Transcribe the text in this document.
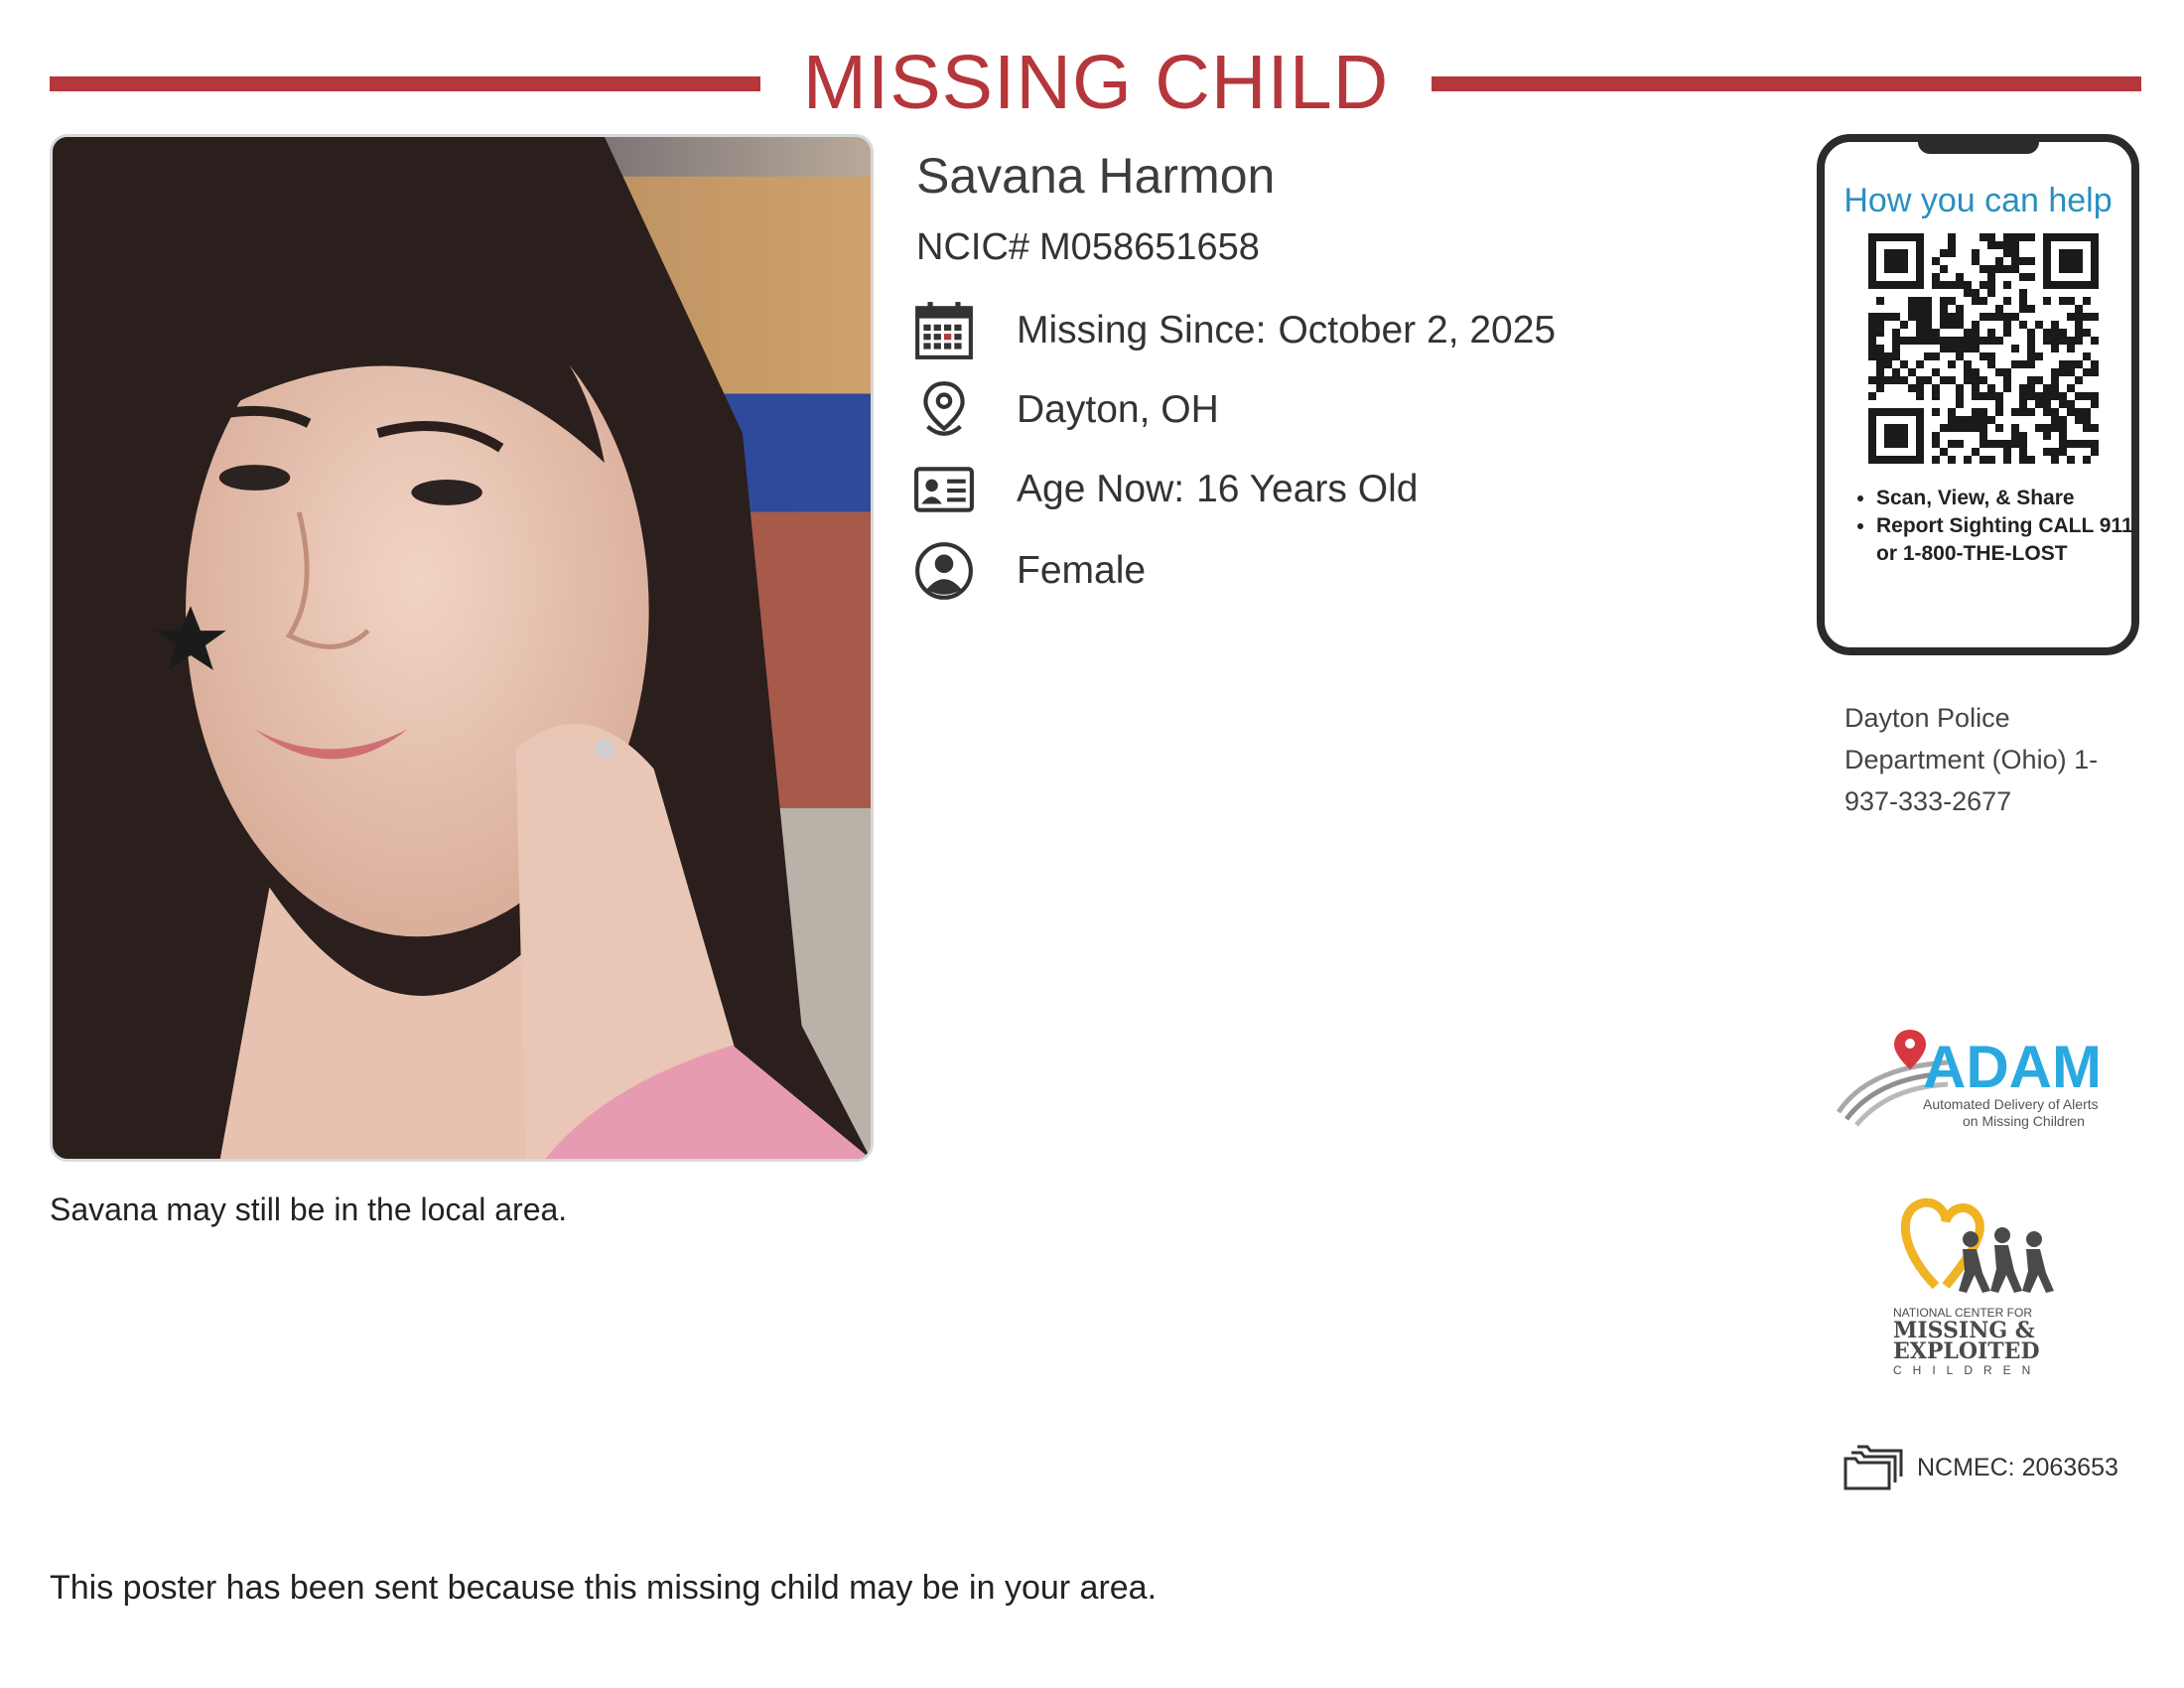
MISSING CHILD
Savana may still be in the local area.
This poster has been sent because this missing child may be in your area.
Savana Harmon
NCIC# M058651658
Missing Since: October 2, 2025
Dayton, OH
Age Now: 16 Years Old
Female
How you can help
• Scan, View, & Share
• Report Sighting CALL 911 or 1-800-THE-LOST
Dayton Police Department (Ohio) 1-937-333-2677
ADAM
Automated Delivery of Alerts
on Missing Children
NATIONAL CENTER FOR
MISSING &
EXPLOITED
CHILDREN
NCMEC: 2063653
